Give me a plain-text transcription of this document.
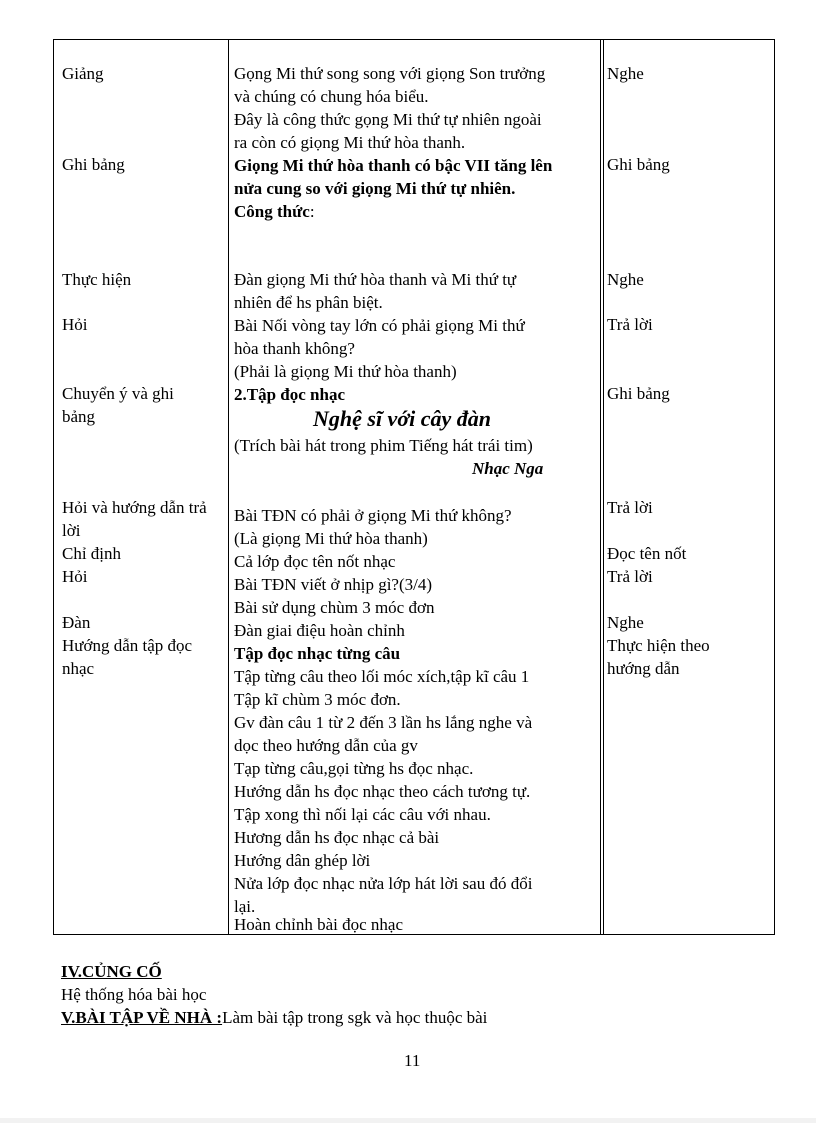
Giảng
Ghi bảng
Thực hiện
Hỏi
Chuyển ý và ghi
bảng
Hỏi và hướng dẫn trả
lời
Chỉ định
Hỏi
Đàn
Hướng dẫn tập đọc
nhạc
Gọng Mi thứ song song với giọng Son trưởng
và chúng có chung hóa biểu.
Đây là công thức gọng Mi thứ tự nhiên ngoài
ra còn có giọng Mi thứ hòa thanh.
Giọng Mi thứ hòa thanh có bậc VII tăng lên
nửa cung so với giọng Mi thứ tự nhiên.
Công thức:
Đàn giọng Mi thứ hòa thanh và Mi thứ tự
nhiên để hs phân biệt.
Bài Nối vòng tay lớn có phải giọng Mi thứ
hòa thanh không?
(Phải là giọng Mi thứ hòa thanh)
2.Tập đọc nhạc
Nghệ sĩ với cây đàn
(Trích bài hát trong phim Tiếng hát trái tim)
Nhạc Nga
Bài TĐN có phải ở giọng Mi thứ không?
(Là giọng Mi thứ hòa thanh)
Cả lớp đọc tên nốt nhạc
Bài TĐN viết ở nhịp gì?(3/4)
Bài sử dụng chùm 3 móc đơn
Đàn giai điệu hoàn chỉnh
Tập đọc nhạc từng câu
Tập từng câu theo lối móc xích,tập kĩ câu 1
Tập kĩ chùm 3 móc đơn.
Gv đàn câu 1 từ 2 đến 3 lần hs lắng nghe và
dọc theo hướng dẫn của gv
Tạp từng câu,gọi từng hs đọc nhạc.
Hướng dẫn hs đọc nhạc theo cách tương tự.
Tập xong thì nối lại các câu với nhau.
Hương dẫn hs đọc nhạc cả bài
Hướng dân ghép lời
Nửa lớp đọc nhạc nửa lớp hát lời sau đó đổi
lại.
Hoàn chỉnh bài đọc nhạc
Nghe
Ghi bảng
Nghe
Trả lời
Ghi bảng
Trả lời
Đọc tên nốt
Trả lời
Nghe
Thực hiện theo
hướng dẫn
IV.CỦNG CỐ
Hệ thống hóa bài học
V.BÀI TẬP VỀ NHÀ :Làm bài tập trong sgk và học thuộc bài
11
